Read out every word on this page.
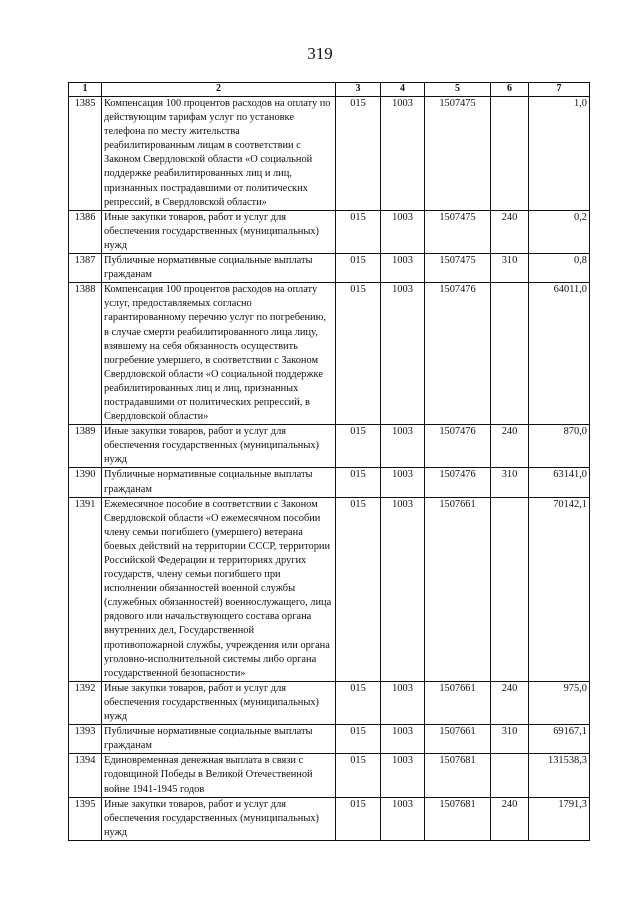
319
1	2	3	4	5	6	7
1385	Компенсация 100 процентов расходов на оплату по действующим тарифам услуг по установке телефона по месту жительства реабилитированным лицам в соответствии с Законом Свердловской области «О социальной поддержке реабилитированных лиц и лиц, признанных пострадавшими от политических репрессий, в Свердловской области»	015	1003	1507475		1,0
1386	Иные закупки товаров, работ и услуг для обеспечения государственных (муниципальных) нужд	015	1003	1507475	240	0,2
1387	Публичные нормативные социальные выплаты гражданам	015	1003	1507475	310	0,8
1388	Компенсация 100 процентов расходов на оплату услуг, предоставляемых согласно гарантированному перечню услуг по погребению, в случае смерти реабилитированного лица лицу, взявшему на себя обязанность осуществить погребение умершего, в соответствии с Законом Свердловской области «О социальной поддержке реабилитированных лиц и лиц, признанных пострадавшими от политических репрессий, в Свердловской области»	015	1003	1507476		64011,0
1389	Иные закупки товаров, работ и услуг для обеспечения государственных (муниципальных) нужд	015	1003	1507476	240	870,0
1390	Публичные нормативные социальные выплаты гражданам	015	1003	1507476	310	63141,0
1391	Ежемесячное пособие в соответствии с Законом Свердловской области «О ежемесячном пособии члену семьи погибшего (умершего) ветерана боевых действий на территории СССР, территории Российской Федерации и территориях других государств, члену семьи погибшего при исполнении обязанностей военной службы (служебных обязанностей) военнослужащего, лица рядового или начальствующего состава органа внутренних дел, Государственной противопожарной службы, учреждения или органа уголовно-исполнительной системы либо органа государственной безопасности»	015	1003	1507661		70142,1
1392	Иные закупки товаров, работ и услуг для обеспечения государственных (муниципальных) нужд	015	1003	1507661	240	975,0
1393	Публичные нормативные социальные выплаты гражданам	015	1003	1507661	310	69167,1
1394	Единовременная денежная выплата в связи с годовщиной Победы в Великой Отечественной войне 1941-1945 годов	015	1003	1507681		131538,3
1395	Иные закупки товаров, работ и услуг для обеспечения государственных (муниципальных) нужд	015	1003	1507681	240	1791,3
